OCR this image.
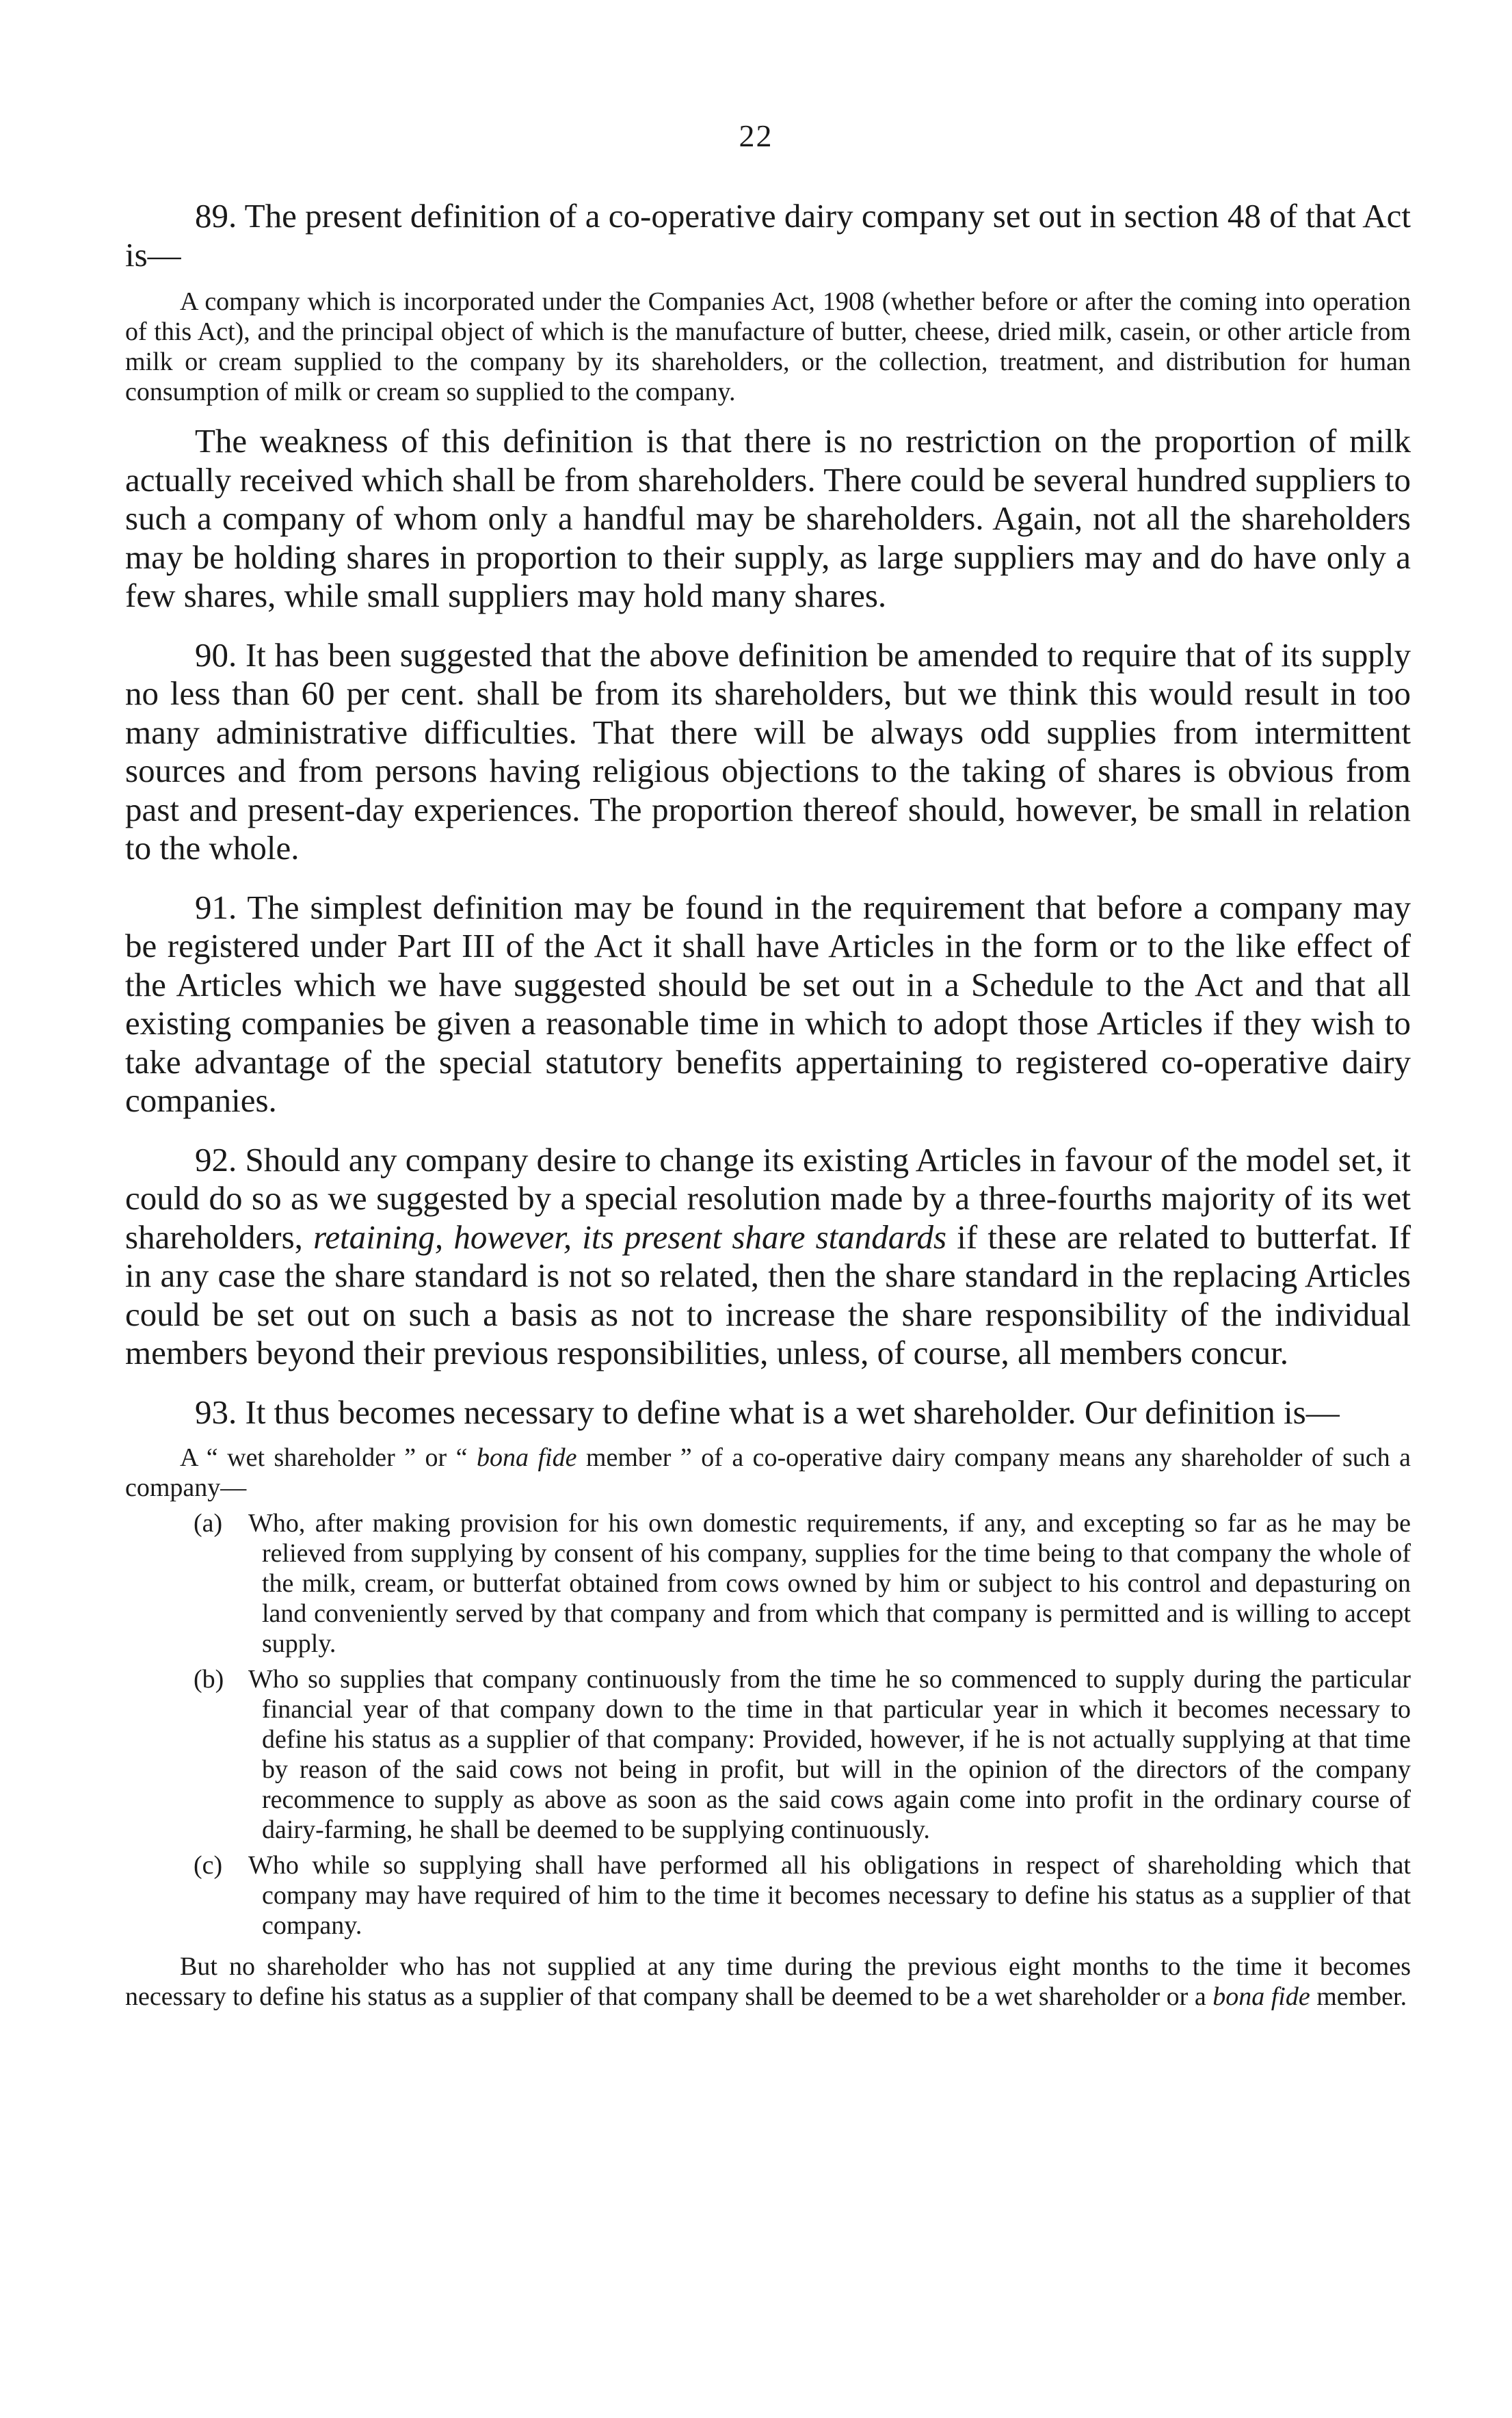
22

89. The present definition of a co-operative dairy company set out in section 48 of that Act is—

A company which is incorporated under the Companies Act, 1908 (whether before or after the coming into operation of this Act), and the principal object of which is the manufacture of butter, cheese, dried milk, casein, or other article from milk or cream supplied to the company by its shareholders, or the collection, treatment, and distribution for human consumption of milk or cream so supplied to the company.

The weakness of this definition is that there is no restriction on the proportion of milk actually received which shall be from shareholders. There could be several hundred suppliers to such a company of whom only a handful may be shareholders. Again, not all the shareholders may be holding shares in proportion to their supply, as large suppliers may and do have only a few shares, while small suppliers may hold many shares.

90. It has been suggested that the above definition be amended to require that of its supply no less than 60 per cent. shall be from its shareholders, but we think this would result in too many administrative difficulties. That there will be always odd supplies from intermittent sources and from persons having religious objections to the taking of shares is obvious from past and present-day experiences. The proportion thereof should, however, be small in relation to the whole.

91. The simplest definition may be found in the requirement that before a company may be registered under Part III of the Act it shall have Articles in the form or to the like effect of the Articles which we have suggested should be set out in a Schedule to the Act and that all existing companies be given a reasonable time in which to adopt those Articles if they wish to take advantage of the special statutory benefits appertaining to registered co-operative dairy companies.

92. Should any company desire to change its existing Articles in favour of the model set, it could do so as we suggested by a special resolution made by a three-fourths majority of its wet shareholders, retaining, however, its present share standards if these are related to butterfat. If in any case the share standard is not so related, then the share standard in the replacing Articles could be set out on such a basis as not to increase the share responsibility of the individual members beyond their previous responsibilities, unless, of course, all members concur.

93. It thus becomes necessary to define what is a wet shareholder. Our definition is—

A “ wet shareholder ” or “ bona fide member ” of a co-operative dairy company means any shareholder of such a company—

(a) Who, after making provision for his own domestic requirements, if any, and excepting so far as he may be relieved from supplying by consent of his company, supplies for the time being to that company the whole of the milk, cream, or butterfat obtained from cows owned by him or subject to his control and depasturing on land conveniently served by that company and from which that company is permitted and is willing to accept supply.

(b) Who so supplies that company continuously from the time he so commenced to supply during the particular financial year of that company down to the time in that particular year in which it becomes necessary to define his status as a supplier of that company: Provided, however, if he is not actually supplying at that time by reason of the said cows not being in profit, but will in the opinion of the directors of the company recommence to supply as above as soon as the said cows again come into profit in the ordinary course of dairy-farming, he shall be deemed to be supplying continuously.

(c) Who while so supplying shall have performed all his obligations in respect of shareholding which that company may have required of him to the time it becomes necessary to define his status as a supplier of that company.

But no shareholder who has not supplied at any time during the previous eight months to the time it becomes necessary to define his status as a supplier of that company shall be deemed to be a wet shareholder or a bona fide member.
